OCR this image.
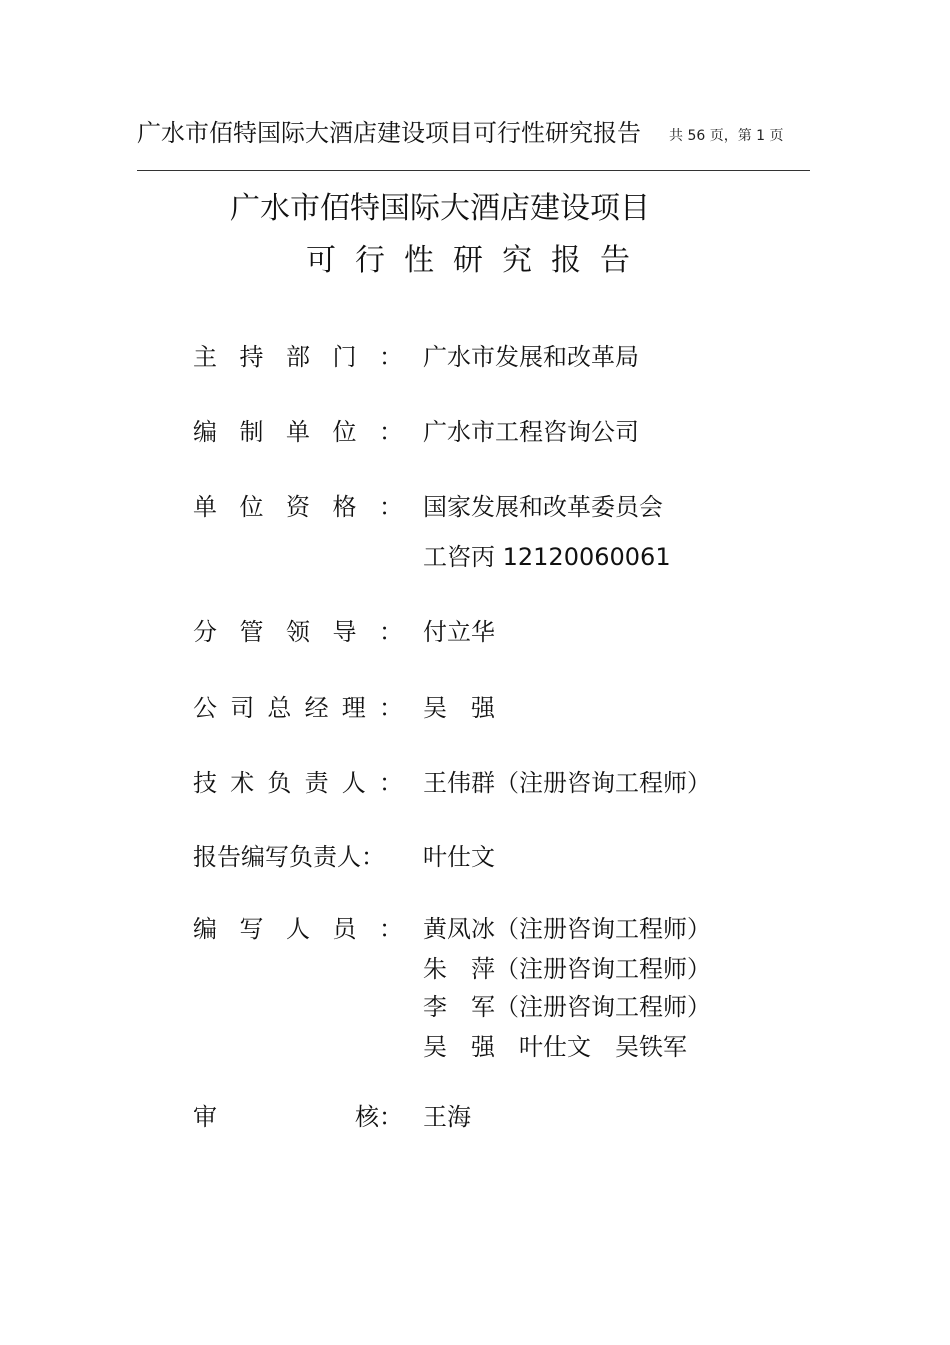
广水市佰特国际大酒店建设项目可行性研究报告 共 56 页，第 1 页
广水市佰特国际大酒店建设项目
可行性研究报告
主 持 部 门 ： 广水市发展和改革局
编 制 单 位 ： 广水市工程咨询公司
单 位 资 格 ： 国家发展和改革委员会
工咨丙 12120060061
分 管 领 导 ： 付立华
公 司 总 经 理 ： 吴　强
技 术 负 责 人 ： 王伟群（注册咨询工程师）
报告编写负责人 ： 叶仕文
编 写 人 员 ： 黄凤冰（注册咨询工程师）
朱　萍（注册咨询工程师）
李　军（注册咨询工程师）
吴　强　叶仕文　吴铁军
审	核 ： 王海
